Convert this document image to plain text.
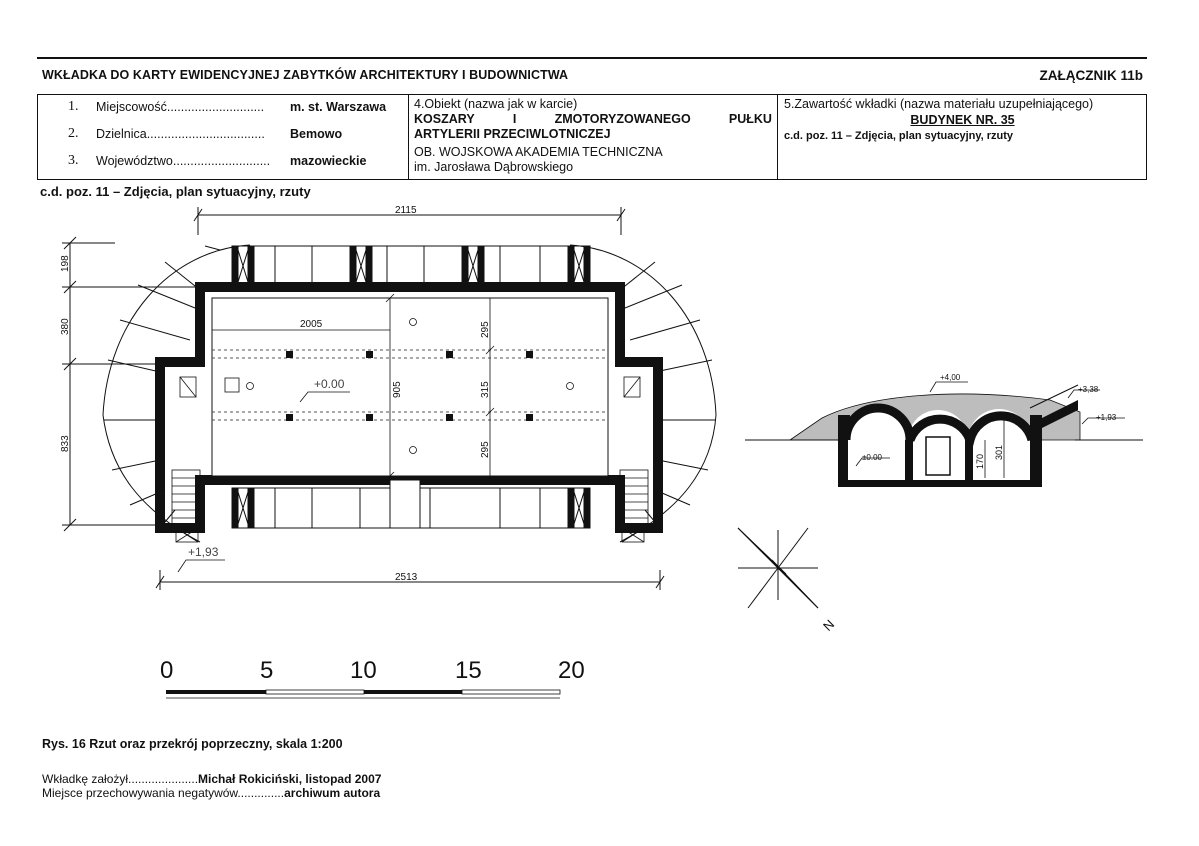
WKŁADKA DO KARTY EWIDENCYJNEJ ZABYTKÓW ARCHITEKTURY I BUDOWNICTWA	ZAŁĄCZNIK 11b
1. Miejscowość............................ m. st. Warszawa
2. Dzielnica.................................. Bemowo
3. Województwo............................ mazowieckie
4.Obiekt (nazwa jak w karcie)
KOSZARY	I	ZMOTORYZOWANEGO	PUŁKU
ARTYLERII PRZECIWLOTNICZEJ
OB. WOJSKOWA AKADEMIA TECHNICZNA
im. Jarosława Dąbrowskiego
5.Zawartość wkładki (nazwa materiału uzupełniającego)
BUDYNEK NR. 35
c.d. poz. 11 – Zdjęcia, plan sytuacyjny, rzuty
c.d. poz. 11 – Zdjęcia, plan sytuacyjny, rzuty
2115
2513
2005
+0.00
+1,93
198
380
833
905
295
315
295
+4,00
+3,38
+1,93
±0.00	170
301
N
0	5	10	15	20
Rys. 16 Rzut oraz przekrój poprzeczny, skala 1:200
Wkładkę założył.....................Michał Rokiciński, listopad 2007
Miejsce przechowywania negatywów..............archiwum autora
